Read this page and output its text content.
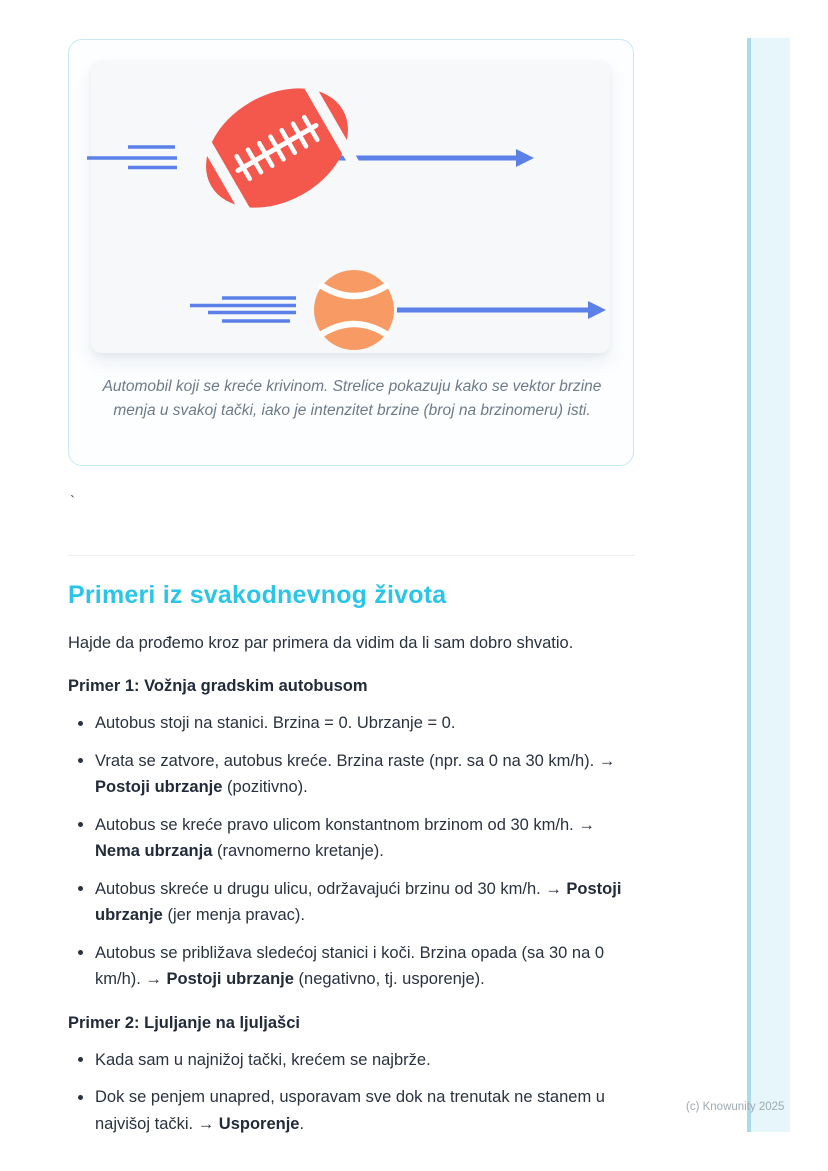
Automobil koji se kreće krivinom. Strelice pokazuju kako se vektor brzine menja u svakoj tački, iako je intenzitet brzine (broj na brzinomeru) isti.
`
Primeri iz svakodnevnog života

Hajde da prođemo kroz par primera da vidim da li sam dobro shvatio.

Primer 1: Vožnja gradskim autobusom
Autobus stoji na stanici. Brzina = 0. Ubrzanje = 0.
Vrata se zatvore, autobus kreće. Brzina raste (npr. sa 0 na 30 km/h). → Postoji ubrzanje (pozitivno).
Autobus se kreće pravo ulicom konstantnom brzinom od 30 km/h. → Nema ubrzanja (ravnomerno kretanje).
Autobus skreće u drugu ulicu, održavajući brzinu od 30 km/h. → Postoji ubrzanje (jer menja pravac).
Autobus se približava sledećoj stanici i koči. Brzina opada (sa 30 na 0 km/h). → Postoji ubrzanje (negativno, tj. usporenje).
Primer 2: Ljuljanje na ljuljašci
Kada sam u najnižoj tački, krećem se najbrže.
Dok se penjem unapred, usporavam sve dok na trenutak ne stanem u najvišoj tački. → Usporenje.
(c) Knowunity 2025
